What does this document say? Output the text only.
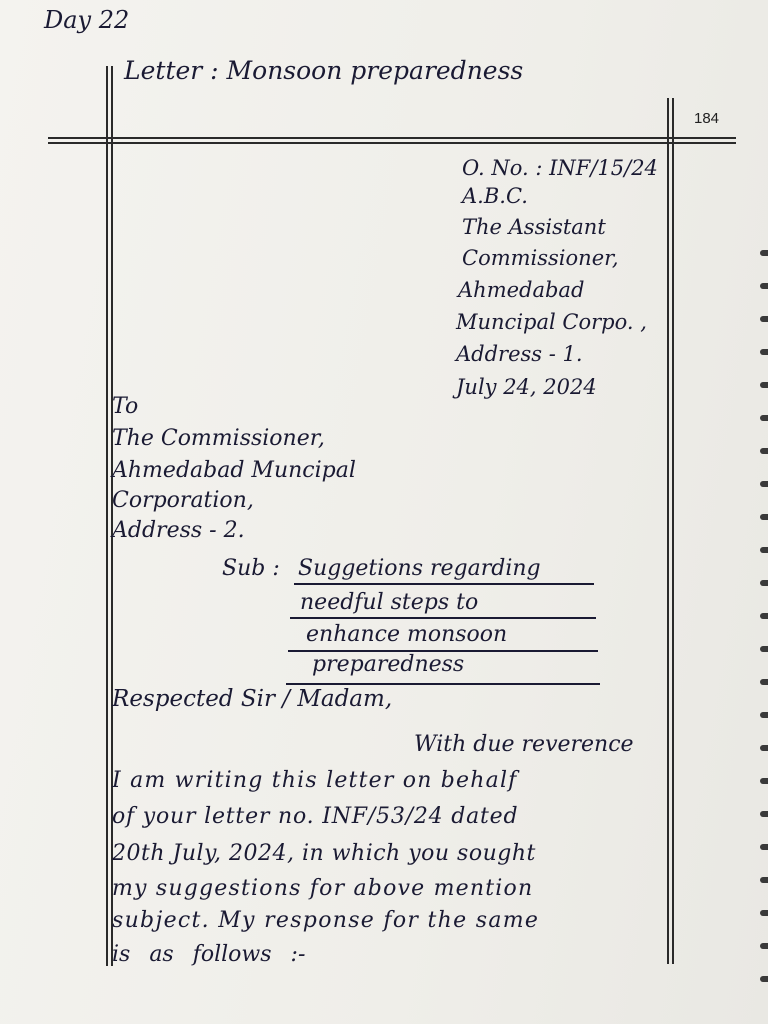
Day 22
Letter : Monsoon preparedness
184
O. No. : INF/15/24
A.B.C.
The Assistant
Commissioner,
Ahmedabad
Muncipal Corpo. ,
Address - 1.
July 24, 2024
To
The Commissioner,
Ahmedabad Muncipal
Corporation,
Address - 2.
Sub : Suggetions regarding
needful steps to
enhance monsoon
preparedness
Respected Sir / Madam,
With due reverence
I am writing this letter on behalf
of your letter no. INF/53/24 dated
20th July, 2024, in which you sought
my suggestions for above mention
subject. My response for the same
is as follows :-
